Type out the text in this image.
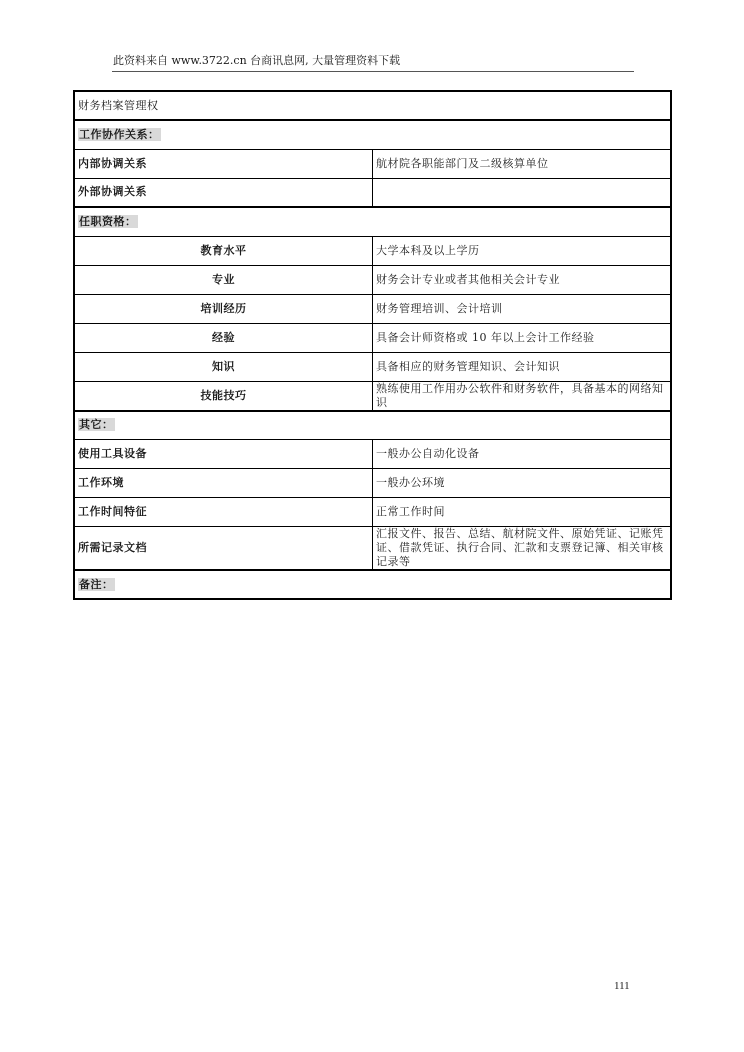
此资料来自 www.3722.cn 台商讯息网, 大量管理资料下载
财务档案管理权	
工作协作关系：	
内部协调关系	航材院各职能部门及二级核算单位
外部协调关系	
任职资格：	
教育水平	大学本科及以上学历
专业	财务会计专业或者其他相关会计专业
培训经历	财务管理培训、会计培训
经验	具备会计师资格或 10 年以上会计工作经验
知识	具备相应的财务管理知识、会计知识
技能技巧	熟练使用工作用办公软件和财务软件，具备基本的网络知识
其它：	
使用工具设备	一般办公自动化设备
工作环境	一般办公环境
工作时间特征	正常工作时间
所需记录文档	汇报文件、报告、总结、航材院文件、原始凭证、记账凭证、借款凭证、执行合同、汇款和支票登记簿、相关审核记录等
备注：	
111
